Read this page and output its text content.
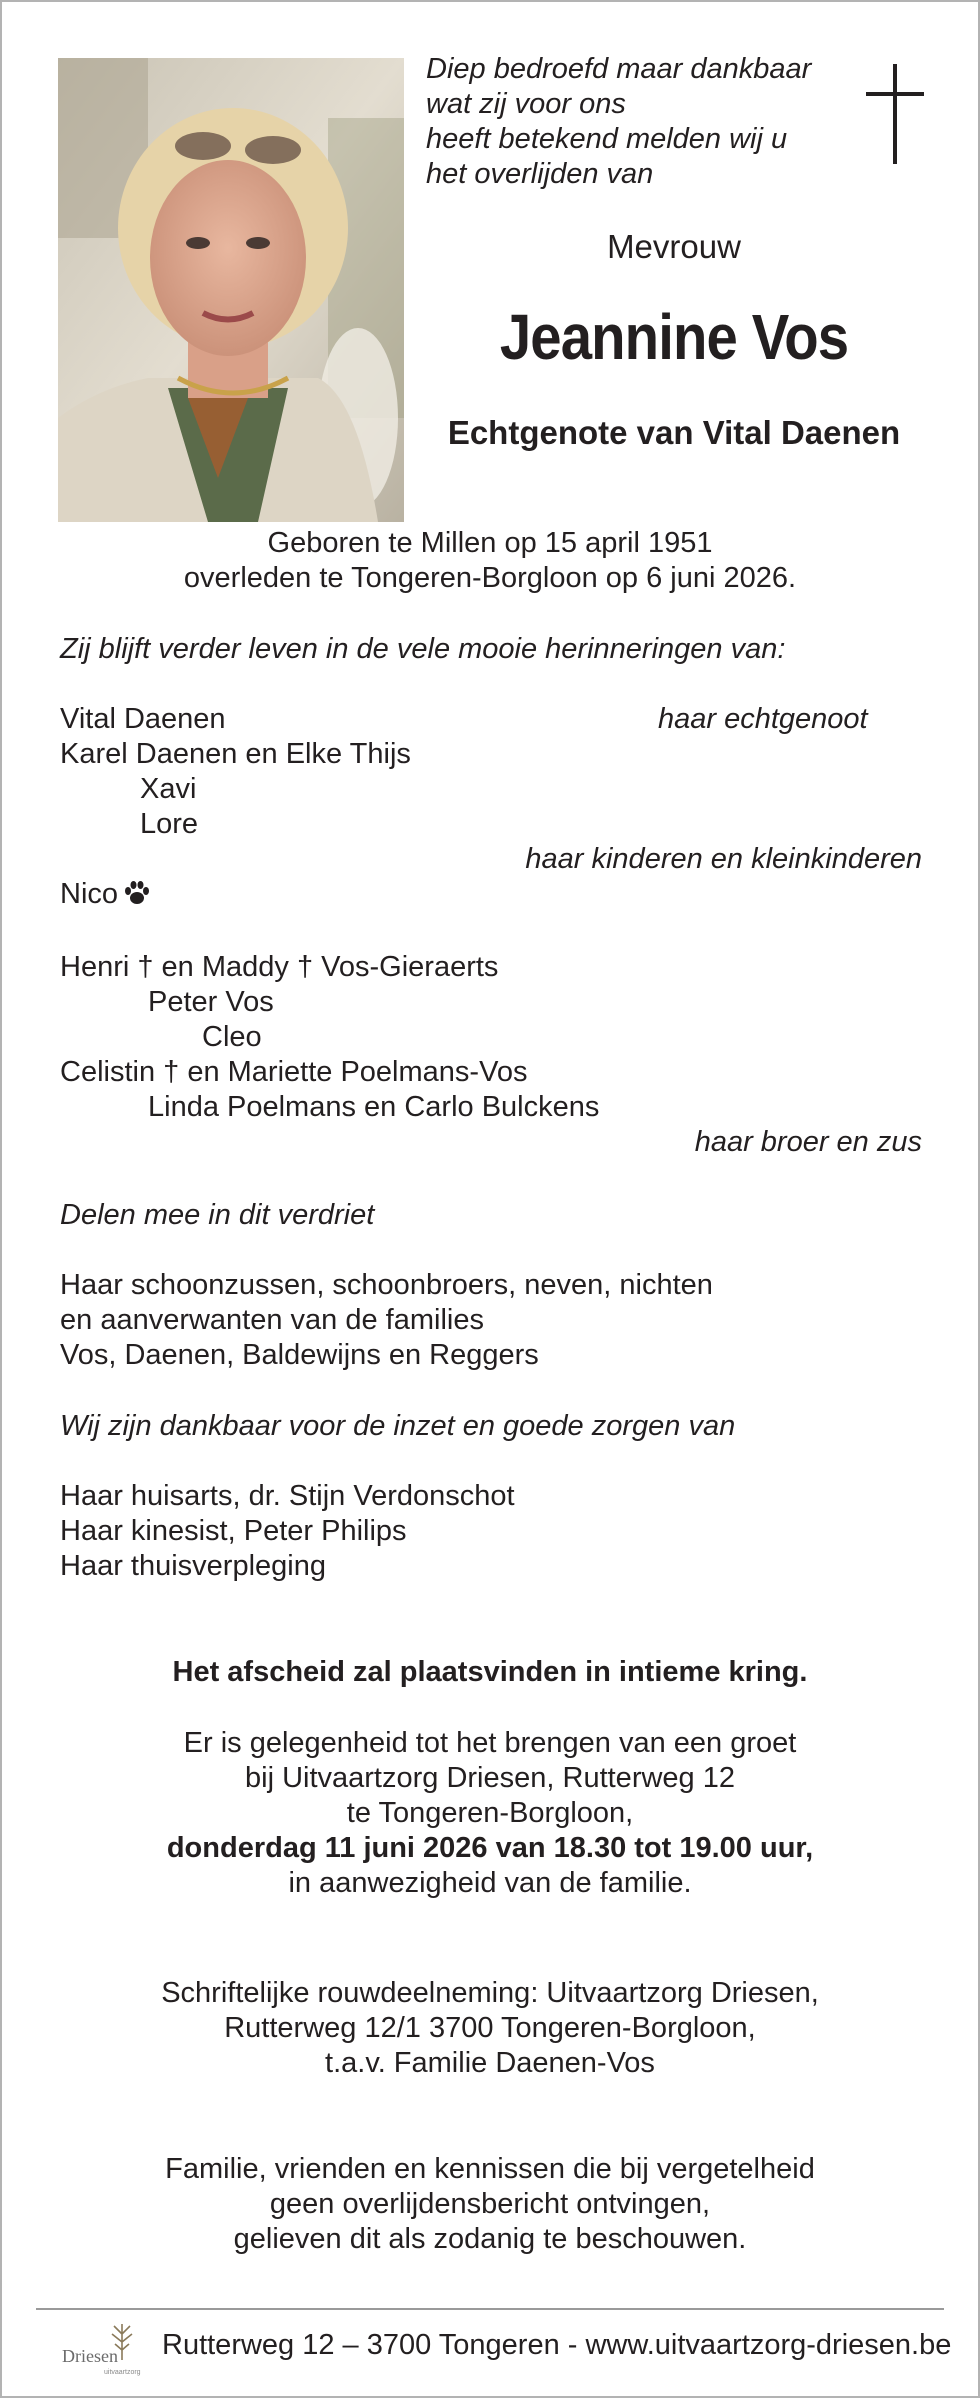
Diep bedroefd maar dankbaar
wat zij voor ons
heeft betekend melden wij u
het overlijden van
Mevrouw
Jeannine Vos
Echtgenote van Vital Daenen
Geboren te Millen op 15 april 1951
overleden te Tongeren-Borgloon op 6 juni 2026.
Zij blijft verder leven in de vele mooie herinneringen van:
Vital Daenen	haar echtgenoot
Karel Daenen en Elke Thijs
Xavi
Lore
haar kinderen en kleinkinderen
Nico
Henri † en Maddy † Vos-Gieraerts
Peter Vos
Cleo
Celistin † en Mariette Poelmans-Vos
Linda Poelmans en Carlo Bulckens
haar broer en zus
Delen mee in dit verdriet
Haar schoonzussen, schoonbroers, neven, nichten
en aanverwanten van de families
Vos, Daenen, Baldewijns en Reggers
Wij zijn dankbaar voor de inzet en goede zorgen van
Haar huisarts, dr. Stijn Verdonschot
Haar kinesist, Peter Philips
Haar thuisverpleging
Het afscheid zal plaatsvinden in intieme kring.
Er is gelegenheid tot het brengen van een groet
bij Uitvaartzorg Driesen, Rutterweg 12
te Tongeren-Borgloon,
donderdag 11 juni 2026 van 18.30 tot 19.00 uur,
in aanwezigheid van de familie.
Schriftelijke rouwdeelneming: Uitvaartzorg Driesen,
Rutterweg 12/1 3700 Tongeren-Borgloon,
t.a.v. Familie Daenen-Vos
Familie, vrienden en kennissen die bij vergetelheid
geen overlijdensbericht ontvingen,
gelieven dit als zodanig te beschouwen.
Driesen
uitvaartzorg
Rutterweg 12 – 3700 Tongeren - www.uitvaartzorg-driesen.be
